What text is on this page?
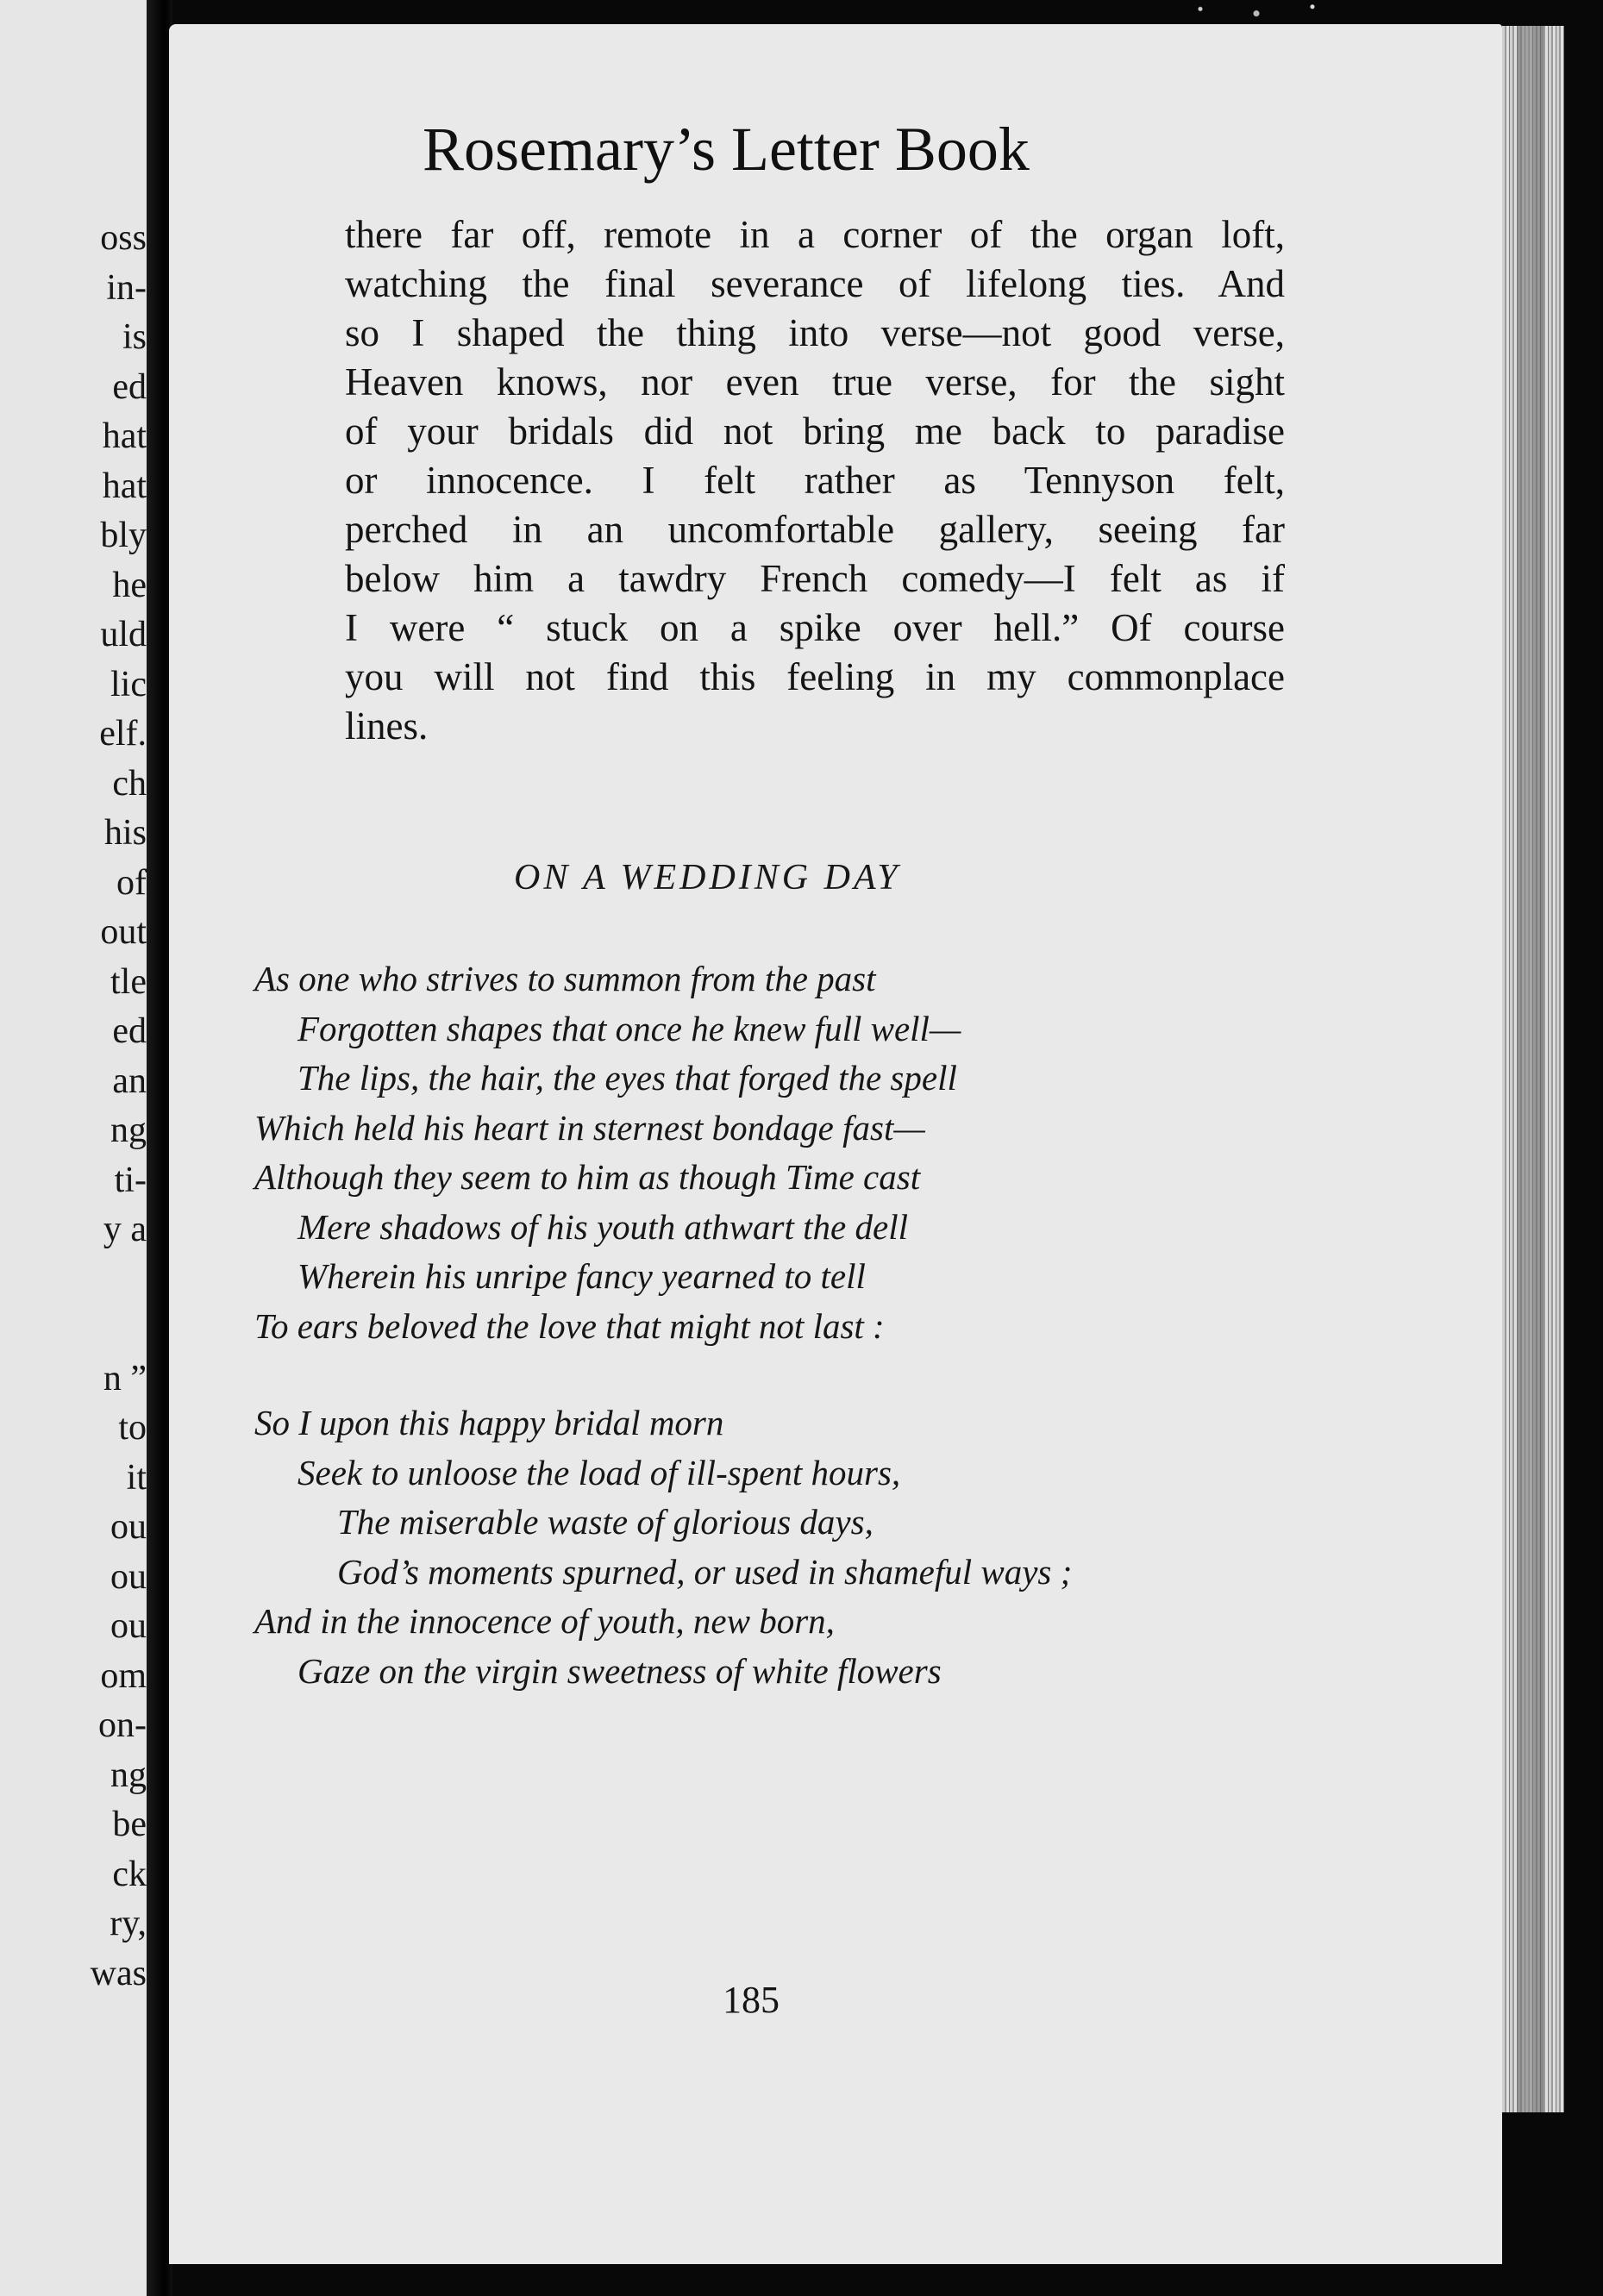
oss
in-
is
ed
hat
hat
bly
he
uld
lic
elf.
ch
his
of
out
tle
ed
an
ng
ti-
y a
n ”
to
it
ou
ou
ou
om
on-
ng
be
ck
ry,
was
Rosemary’s Letter Book
there far off, remote in a corner of the organ loft,
watching the final severance of lifelong ties. And
so I shaped the thing into verse—not good verse,
Heaven knows, nor even true verse, for the sight
of your bridals did not bring me back to paradise
or innocence. I felt rather as Tennyson felt,
perched in an uncomfortable gallery, seeing far
below him a tawdry French comedy—I felt as if
I were “ stuck on a spike over hell.” Of course
you will not find this feeling in my commonplace
lines.
ON A WEDDING DAY
As one who strives to summon from the past
Forgotten shapes that once he knew full well—
The lips, the hair, the eyes that forged the spell
Which held his heart in sternest bondage fast—
Although they seem to him as though Time cast
Mere shadows of his youth athwart the dell
Wherein his unripe fancy yearned to tell
To ears beloved the love that might not last :
So I upon this happy bridal morn
Seek to unloose the load of ill-spent hours,
The miserable waste of glorious days,
God’s moments spurned, or used in shameful ways ;
And in the innocence of youth, new born,
Gaze on the virgin sweetness of white flowers
185
